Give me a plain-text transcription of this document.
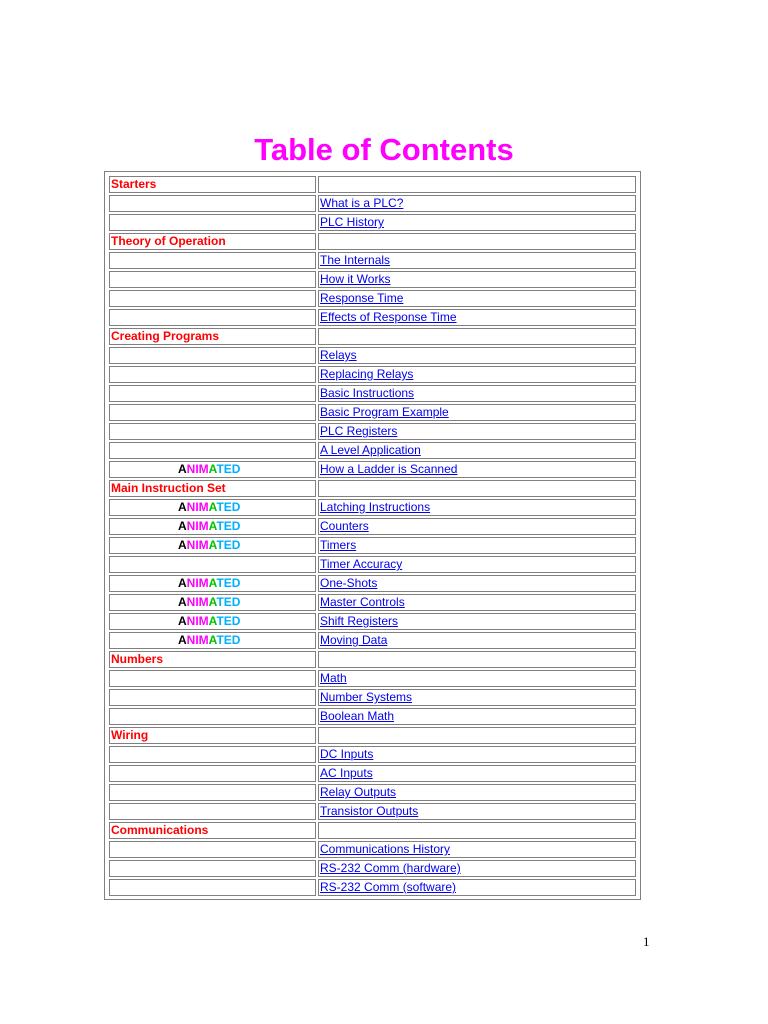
Table of Contents
Starters	
	What is a PLC?
	PLC History
Theory of Operation	
	The Internals
	How it Works
	Response Time
	Effects of Response Time
Creating Programs	
	Relays
	Replacing Relays
	Basic Instructions
	Basic Program Example
	PLC Registers
	A Level Application

ANIMATED	How a Ladder is Scanned
Main Instruction Set	

ANIMATED	Latching Instructions

ANIMATED	Counters

ANIMATED	Timers
	Timer Accuracy

ANIMATED	One-Shots

ANIMATED	Master Controls

ANIMATED	Shift Registers

ANIMATED	Moving Data
Numbers	
	Math
	Number Systems
	Boolean Math
Wiring	
	DC Inputs
	AC Inputs
	Relay Outputs
	Transistor Outputs
Communications	
	Communications History
	RS-232 Comm (hardware)
	RS-232 Comm (software)
1
